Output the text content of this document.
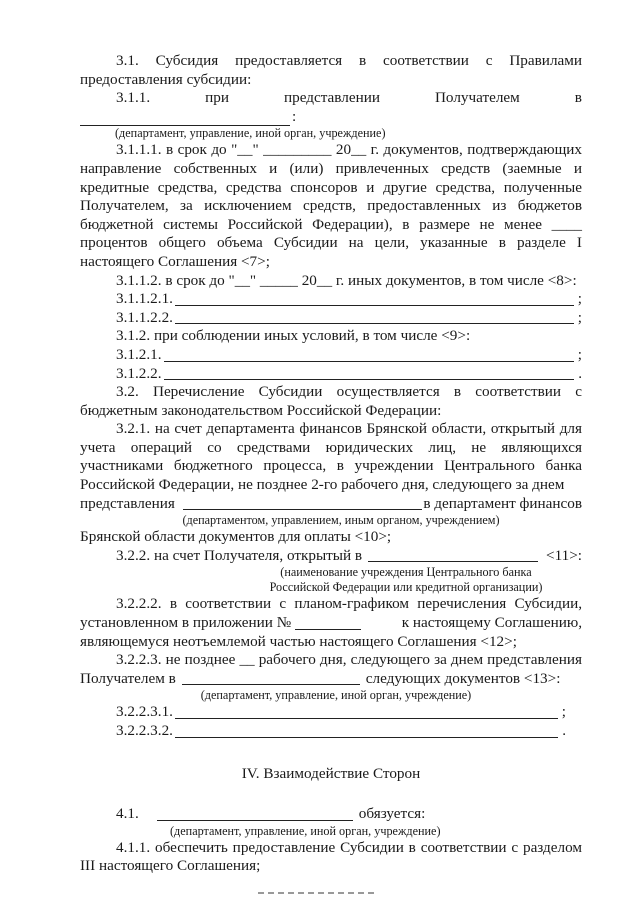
3.1. Субсидия предоставляется в соответствии с Правилами

предоставления субсидии:

3.1.1.	при	представлении	Получателем	в
:
(департамент, управление, иной орган, учреждение)

3.1.1.1. в срок до "__" _________ 20__ г. документов, подтверждающих

направление собственных и (или) привлеченных средств (заемные и кредитные средства, средства спонсоров и другие средства, полученные Получателем, за исключением средств, предоставленных из бюджетов бюджетной системы Российской Федерации), в размере не менее ____ процентов общего объема Субсидии на цели, указанные в разделе I настоящего Соглашения <7>;

3.1.1.2. в срок до "__" _____ 20__ г. иных документов, в том числе <8>:

3.1.1.2.1.	;
3.1.1.2.2.	;

3.1.2. при соблюдении иных условий, в том числе <9>:

3.1.2.1.	;
3.1.2.2.	.

3.2. Перечисление Субсидии осуществляется в соответствии с

бюджетным законодательством Российской Федерации:

3.2.1. на счет департамента финансов Брянской области, открытый для

учета операций со средствами юридических лиц, не являющихся участниками бюджетного процесса, в учреждении Центрального банка Российской Федерации, не позднее 2-го рабочего дня, следующего за днем

представления	в департамент финансов
(департаментом, управлением, иным органом, учреждением)

Брянской области документов для оплаты <10>;

3.2.2. на счет Получателя, открытый в	<11>:
(наименование учреждения Центрального банка
Российской Федерации или кредитной организации)

3.2.2.2. в соответствии с планом-графиком перечисления Субсидии,

установленном в приложении №	к настоящему Соглашению,

являющемуся неотъемлемой частью настоящего Соглашения <12>;

3.2.2.3. не позднее __ рабочего дня, следующего за днем представления

Получателем в	следующих документов <13>:
(департамент, управление, иной орган, учреждение)
3.2.2.3.1.	;
3.2.2.3.2.	.
IV. Взаимодействие Сторон
4.1.	обязуется:
(департамент, управление, иной орган, учреждение)

4.1.1. обеспечить предоставление Субсидии в соответствии с разделом

III настоящего Соглашения;
